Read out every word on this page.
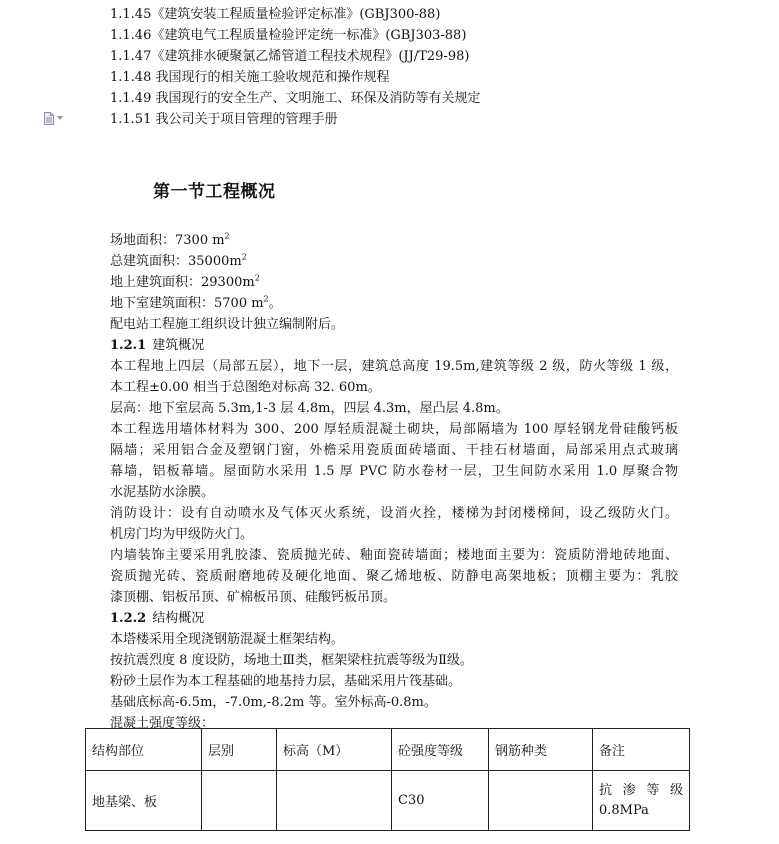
1.1.45《建筑安装工程质量检验评定标准》(GBJ300-88)
1.1.46《建筑电气工程质量检验评定统一标准》(GBJ303-88)
1.1.47《建筑排水硬聚氯乙烯管道工程技术规程》(JJ/T29-98)
1.1.48 我国现行的相关施工验收规范和操作规程
1.1.49 我国现行的安全生产、文明施工、环保及消防等有关规定
1.1.51 我公司关于项目管理的管理手册
第一节工程概况
场地面积：7300 $m^2$
总建筑面积：$35000m^2$
地上建筑面积：$29300m^2$
地下室建筑面积：5700 $m^2$。
配电站工程施工组织设计独立编制附后。
1.2.1 建筑概况
本工程地上四层（局部五层），地下一层，建筑总高度 19.5m,建筑等级 2 级，防火等级 1 级，
本工程±0.00 相当于总图绝对标高 32. 60m。
层高：地下室层高 5.3m,1-3 层 4.8m，四层 4.3m，屋凸层 4.8m。
本工程选用墙体材料为 300、200 厚轻质混凝土砌块，局部隔墙为 100 厚轻钢龙骨硅酸钙板
隔墙；采用铝合金及塑钢门窗，外檐采用瓷质面砖墙面、干挂石材墙面，局部采用点式玻璃
幕墙，铝板幕墙。屋面防水采用 1.5 厚 PVC 防水卷材一层，卫生间防水采用 1.0 厚聚合物
水泥基防水涂膜。
消防设计：设有自动喷水及气体灭火系统，设消火拴，楼梯为封闭楼梯间，设乙级防火门。
机房门均为甲级防火门。
内墙装饰主要采用乳胶漆、瓷质抛光砖、釉面瓷砖墙面；楼地面主要为：瓷质防滑地砖地面、
瓷质抛光砖、瓷质耐磨地砖及硬化地面、聚乙烯地板、防静电高架地板；顶棚主要为：乳胶
漆顶棚、铝板吊顶、矿棉板吊顶、硅酸钙板吊顶。
1.2.2 结构概况
本塔楼采用全现浇钢筋混凝土框架结构。
按抗震烈度 8 度设防，场地土Ⅲ类，框架梁柱抗震等级为Ⅱ级。
粉砂土层作为本工程基础的地基持力层，基础采用片筏基础。
基础底标高-6.5m，-7.0m,-8.2m 等。室外标高-0.8m。
混凝土强度等级：
结构部位	层别	标高（M）	砼强度等级	钢筋种类	备注
地基梁、板			C30		抗 渗 等 级
0.8MPa
